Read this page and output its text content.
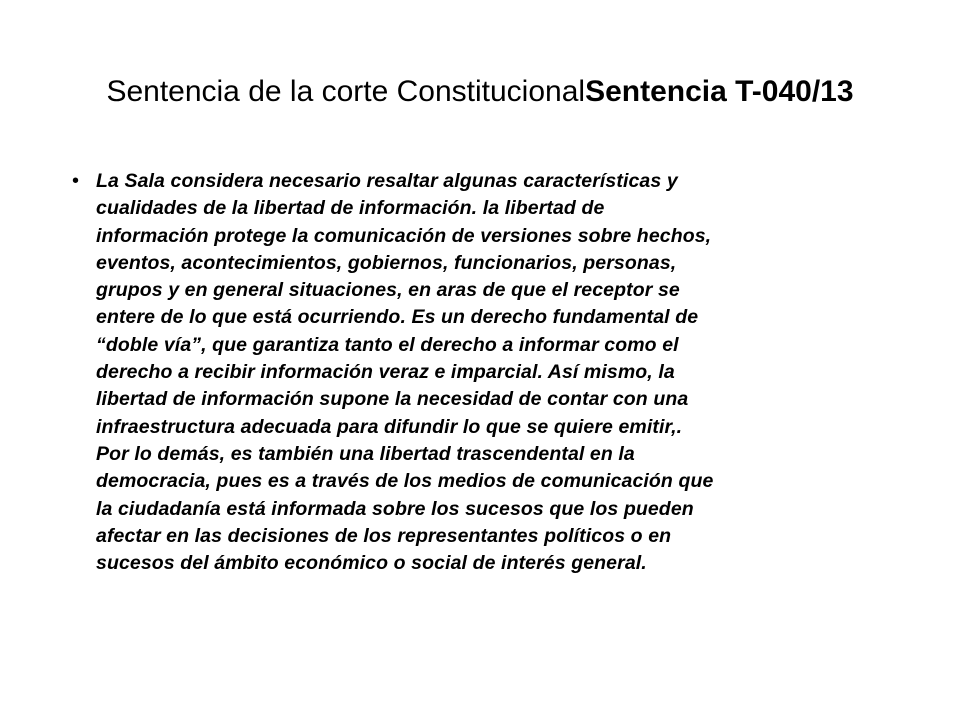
Sentencia de la corte ConstitucionalSentencia T-040/13
• La Sala considera necesario resaltar algunas características y
cualidades de la libertad de información. la libertad de
información protege la comunicación de versiones sobre hechos,
eventos, acontecimientos, gobiernos, funcionarios, personas,
grupos y en general situaciones, en aras de que el receptor se
entere de lo que está ocurriendo. Es un derecho fundamental de
“doble vía”, que garantiza tanto el derecho a informar como el
derecho a recibir información veraz e imparcial. Así mismo, la
libertad de información supone la necesidad de contar con una
infraestructura adecuada para difundir lo que se quiere emitir,.
Por lo demás, es también una libertad trascendental en la
democracia, pues es a través de los medios de comunicación que
la ciudadanía está informada sobre los sucesos que los pueden
afectar en las decisiones de los representantes políticos o en
sucesos del ámbito económico o social de interés general.
